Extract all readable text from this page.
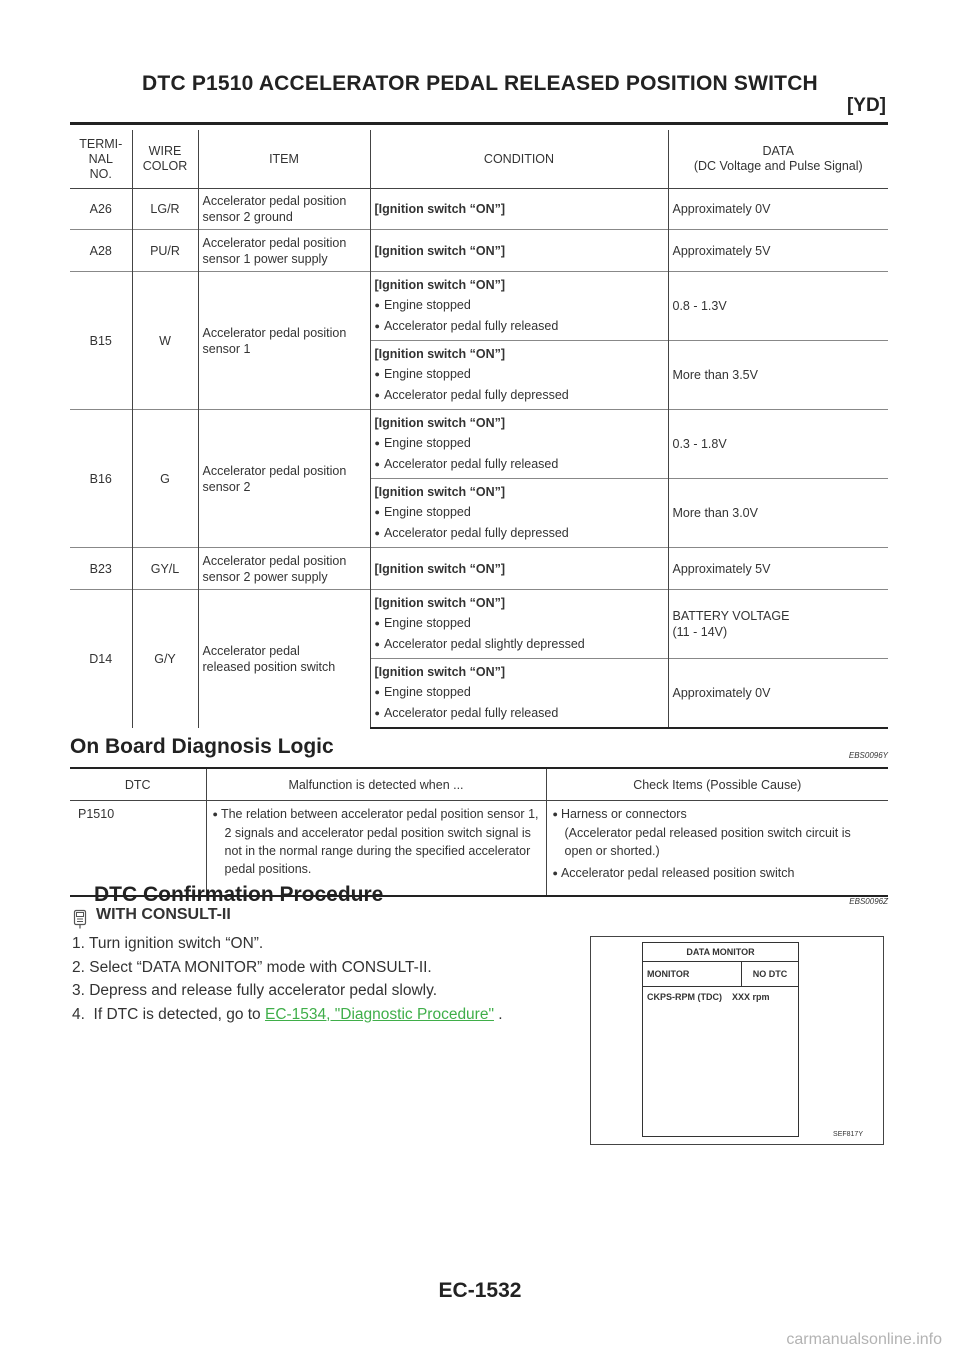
DTC P1510 ACCELERATOR PEDAL RELEASED POSITION SWITCH
[YD]
TERMI-
NAL
NO.	WIRE
COLOR	ITEM	CONDITION	DATA
(DC Voltage and Pulse Signal)
A26	LG/R	Accelerator pedal position
sensor 2 ground	[Ignition switch “ON”]	Approximately 0V
A28	PU/R	Accelerator pedal position
sensor 1 power supply	[Ignition switch “ON”]	Approximately 5V
B15	W	Accelerator pedal position
sensor 1	[Ignition switch “ON”]
● Engine stopped
● Accelerator pedal fully released	0.8 - 1.3V

			[Ignition switch “ON”]
● Engine stopped
● Accelerator pedal fully depressed	More than 3.5V
B16	G	Accelerator pedal position
sensor 2	[Ignition switch “ON”]
● Engine stopped
● Accelerator pedal fully released	0.3 - 1.8V

			[Ignition switch “ON”]
● Engine stopped
● Accelerator pedal fully depressed	More than 3.0V
B23	GY/L	Accelerator pedal position
sensor 2 power supply	[Ignition switch “ON”]	Approximately 5V
D14	G/Y	Accelerator pedal
released position switch	[Ignition switch “ON”]
● Engine stopped
● Accelerator pedal slightly depressed	BATTERY VOLTAGE
(11 - 14V)

			[Ignition switch “ON”]
● Engine stopped
● Accelerator pedal fully released	Approximately 0V
On Board Diagnosis Logic	EBS0096Y
DTC	Malfunction is detected when ...	Check Items (Possible Cause)
P1510	● The relation between accelerator pedal position sensor 1, 2 signals and accelerator pedal position switch signal is not in the normal range during the specified accelerator pedal positions.	● Harness or connectors
(Accelerator pedal released position switch circuit is open or shorted.)
● Accelerator pedal released position switch
DTC Confirmation Procedure	EBS0096Z
WITH CONSULT-II
1. Turn ignition switch “ON”.
2. Select “DATA MONITOR” mode with CONSULT-II.
3. Depress and release fully accelerator pedal slowly.
4.  If DTC is detected, go to EC-1534, "Diagnostic Procedure" .
DATA MONITOR
MONITOR	NO DTC
CKPS-RPM (TDC)    XXX rpm
SEF817Y
EC-1532
carmanualsonline.info
